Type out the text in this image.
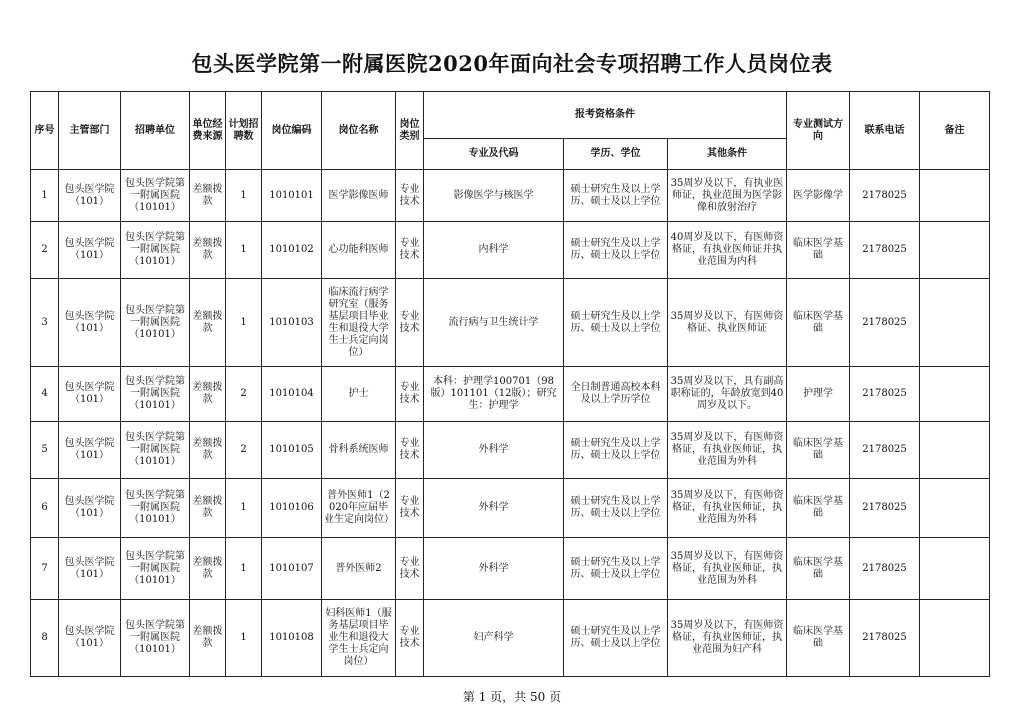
包头医学院第一附属医院2020年面向社会专项招聘工作人员岗位表
序号	主管部门	招聘单位	单位经费来源	计划招聘数	岗位编码	岗位名称	岗位类别	报考资格条件			专业测试方向	联系电话	备注
								专业及代码	学历、学位	其他条件			
1	包头医学院（101）	包头医学院第一附属医院（10101）	差额拨款	1	1010101	医学影像医师	专业技术	影像医学与核医学	硕士研究生及以上学历、硕士及以上学位	35周岁及以下，有执业医师证，执业范围为医学影像和放射治疗	医学影像学	2178025	
2	包头医学院（101）	包头医学院第一附属医院（10101）	差额拨款	1	1010102	心功能科医师	专业技术	内科学	硕士研究生及以上学历、硕士及以上学位	40周岁及以下，有医师资格证，有执业医师证并执业范围为内科	临床医学基础	2178025	
3	包头医学院（101）	包头医学院第一附属医院（10101）	差额拨款	1	1010103	临床流行病学研究室（服务基层项目毕业生和退役大学生士兵定向岗位）	专业技术	流行病与卫生统计学	硕士研究生及以上学历、硕士及以上学位	35周岁及以下，有医师资格证、执业医师证	临床医学基础	2178025	
4	包头医学院（101）	包头医学院第一附属医院（10101）	差额拨款	2	1010104	护士	专业技术	本科：护理学100701（98版）101101（12版）；研究生：护理学	全日制普通高校本科及以上学历学位	35周岁及以下，具有副高职称证的，年龄放宽到40周岁及以下。	护理学	2178025	
5	包头医学院（101）	包头医学院第一附属医院（10101）	差额拨款	2	1010105	骨科系统医师	专业技术	外科学	硕士研究生及以上学历、硕士及以上学位	35周岁及以下，有医师资格证，有执业医师证，执业范围为外科	临床医学基础	2178025	
6	包头医学院（101）	包头医学院第一附属医院（10101）	差额拨款	1	1010106	普外医师1（2020年应届毕业生定向岗位）	专业技术	外科学	硕士研究生及以上学历、硕士及以上学位	35周岁及以下，有医师资格证，有执业医师证，执业范围为外科	临床医学基础	2178025	
7	包头医学院（101）	包头医学院第一附属医院（10101）	差额拨款	1	1010107	普外医师2	专业技术	外科学	硕士研究生及以上学历、硕士及以上学位	35周岁及以下，有医师资格证，有执业医师证，执业范围为外科	临床医学基础	2178025	
8	包头医学院（101）	包头医学院第一附属医院（10101）	差额拨款	1	1010108	妇科医师1（服务基层项目毕业生和退役大学生士兵定向岗位）	专业技术	妇产科学	硕士研究生及以上学历、硕士及以上学位	35周岁及以下，有医师资格证，有执业医师证，执业范围为妇产科	临床医学基础	2178025	
第 1 页，共 50 页
